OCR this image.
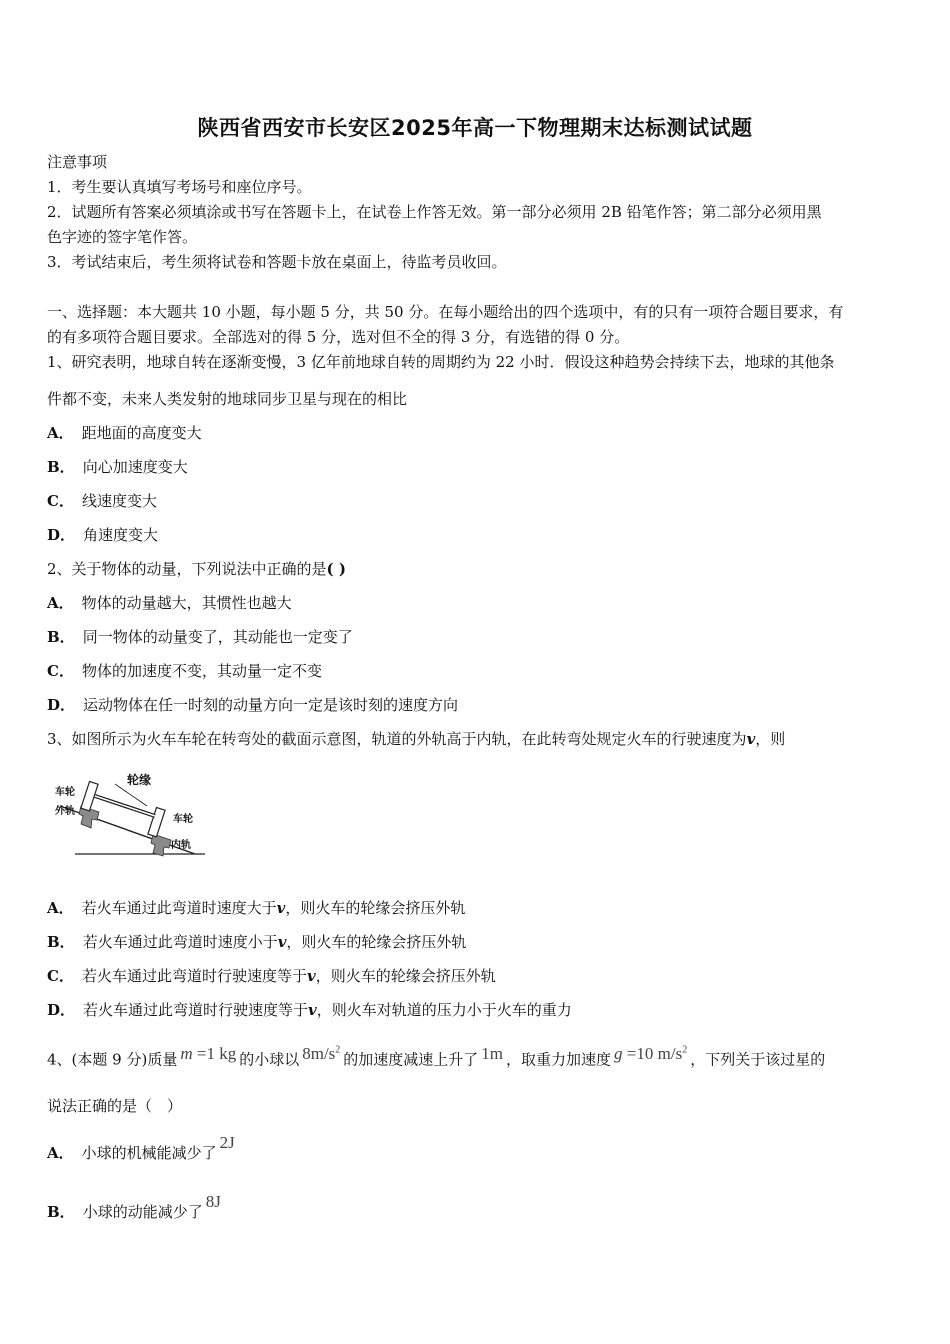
陕西省西安市长安区2025年高一下物理期末达标测试试题
注意事项
1．考生要认真填写考场号和座位序号。
2．试题所有答案必须填涂或书写在答题卡上，在试卷上作答无效。第一部分必须用 2B 铅笔作答；第二部分必须用黑
色字迹的签字笔作答。
3．考试结束后，考生须将试卷和答题卡放在桌面上，待监考员收回。
一、选择题：本大题共 10 小题，每小题 5 分，共 50 分。在每小题给出的四个选项中，有的只有一项符合题目要求，有
的有多项符合题目要求。全部选对的得 5 分，选对但不全的得 3 分，有选错的得 0 分。
1、研究表明，地球自转在逐渐变慢，3 亿年前地球自转的周期约为 22 小时．假设这种趋势会持续下去，地球的其他条
件都不变，未来人类发射的地球同步卫星与现在的相比
A． 距地面的高度变大
B． 向心加速度变大
C． 线速度变大
D． 角速度变大
2、关于物体的动量，下列说法中正确的是( )
A． 物体的动量越大，其惯性也越大
B． 同一物体的动量变了，其动能也一定变了
C． 物体的加速度不变，其动量一定不变
D． 运动物体在任一时刻的动量方向一定是该时刻的速度方向
3、如图所示为火车车轮在转弯处的截面示意图，轨道的外轨高于内轨，在此转弯处规定火车的行驶速度为v，则
轮缘
车轮
外轨
车轮
内轨
A． 若火车通过此弯道时速度大于v，则火车的轮缘会挤压外轨
B． 若火车通过此弯道时速度小于v，则火车的轮缘会挤压外轨
C． 若火车通过此弯道时行驶速度等于v，则火车的轮缘会挤压外轨
D． 若火车通过此弯道时行驶速度等于v，则火车对轨道的压力小于火车的重力
4、(本题 9 分)质量 m =1 kg 的小球以 $8m/s^2$的加速度减速上升了 1m ，取重力加速度 g =10 $m/s^2$，下列关于该过星的
说法正确的是（　）
A． 小球的机械能减少了2J
B． 小球的动能减少了8J
